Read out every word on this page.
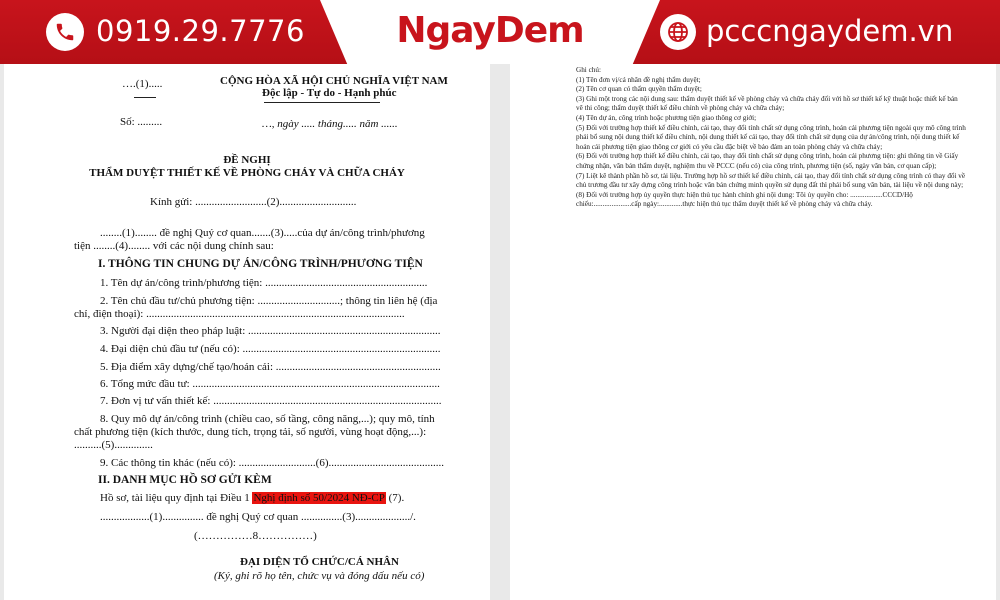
0919.29.7776	NgayDem	pcccngaydem.vn
….(1).....	CỘNG HÒA XÃ HỘI CHỦ NGHĨA VIỆT NAM
Độc lập - Tự do - Hạnh phúc
Số: .........	…, ngày ..... tháng..... năm ......
ĐỀ NGHỊ
THẨM DUYỆT THIẾT KẾ VỀ PHÒNG CHÁY VÀ CHỮA CHÁY
Kính gửi: ..........................(2)............................
........(1)........ đề nghị Quý cơ quan.......(3).....của dự án/công trình/phương
tiện ........(4)........ với các nội dung chính sau:
I. THÔNG TIN CHUNG DỰ ÁN/CÔNG TRÌNH/PHƯƠNG TIỆN
1. Tên dự án/công trình/phương tiện: ...........................................................
2. Tên chủ đầu tư/chủ phương tiện: ..............................; thông tin liên hệ (địa
chỉ, điện thoại): ..............................................................................................
3. Người đại diện theo pháp luật: ......................................................................
4. Đại diện chủ đầu tư (nếu có): ........................................................................
5. Địa điểm xây dựng/chế tạo/hoán cải: ............................................................
6. Tổng mức đầu tư: ..........................................................................................
7. Đơn vị tư vấn thiết kế: ...................................................................................
8. Quy mô dự án/công trình (chiều cao, số tầng, công năng,...); quy mô, tính
chất phương tiện (kích thước, dung tích, trọng tải, số người, vùng hoạt động,...):
..........(5)..............
9. Các thông tin khác (nếu có): ............................(6)..........................................
II. DANH MỤC HỒ SƠ GỬI KÈM
Hồ sơ, tài liệu quy định tại Điều 1 Nghị định số 50/2024 NĐ-CP (7).
..................(1)............... đề nghị Quý cơ quan ...............(3)..................../.
(……………8……………)
ĐẠI DIỆN TỔ CHỨC/CÁ NHÂN
(Ký, ghi rõ họ tên, chức vụ và đóng dấu nếu có)
Ghi chú:
(1) Tên đơn vị/cá nhân đề nghị thẩm duyệt;
(2) Tên cơ quan có thẩm quyền thẩm duyệt;
(3) Ghi một trong các nội dung sau: thẩm duyệt thiết kế về phòng cháy và chữa cháy đối với hồ sơ thiết kế kỹ thuật hoặc thiết kế bản vẽ thi công; thẩm duyệt thiết kế điều chỉnh về phòng cháy và chữa cháy;
(4) Tên dự án, công trình hoặc phương tiện giao thông cơ giới;
(5) Đối với trường hợp thiết kế điều chỉnh, cải tạo, thay đổi tính chất sử dụng công trình, hoán cải phương tiện ngoài quy mô công trình phải bổ sung nội dung thiết kế điều chỉnh, nội dung thiết kế cải tạo, thay đổi tính chất sử dụng của dự án/công trình, nội dung thiết kế hoán cải phương tiện giao thông cơ giới có yêu cầu đặc biệt về bảo đảm an toàn phòng cháy và chữa cháy;
(6) Đối với trường hợp thiết kế điều chỉnh, cải tạo, thay đổi tính chất sử dụng công trình, hoán cải phương tiện: ghi thông tin về Giấy chứng nhận, văn bản thẩm duyệt, nghiệm thu về PCCC (nếu có) của công trình, phương tiện (số, ngày văn bản, cơ quan cấp);
(7) Liệt kê thành phần hồ sơ, tài liệu. Trường hợp hồ sơ thiết kế điều chỉnh, cải tạo, thay đổi tính chất sử dụng công trình có thay đổi về chủ trương đầu tư xây dựng công trình hoặc văn bản chứng minh quyền sử dụng đất thì phải bổ sung văn bản, tài liệu về nội dung này;
(8) Đối với trường hợp ủy quyền thực hiện thủ tục hành chính ghi nội dung: Tôi ủy quyền cho: ..................CCCD/Hộ chiếu:.....................cấp ngày:.............thực hiện thủ tục thẩm duyệt thiết kế về phòng cháy và chữa cháy.
